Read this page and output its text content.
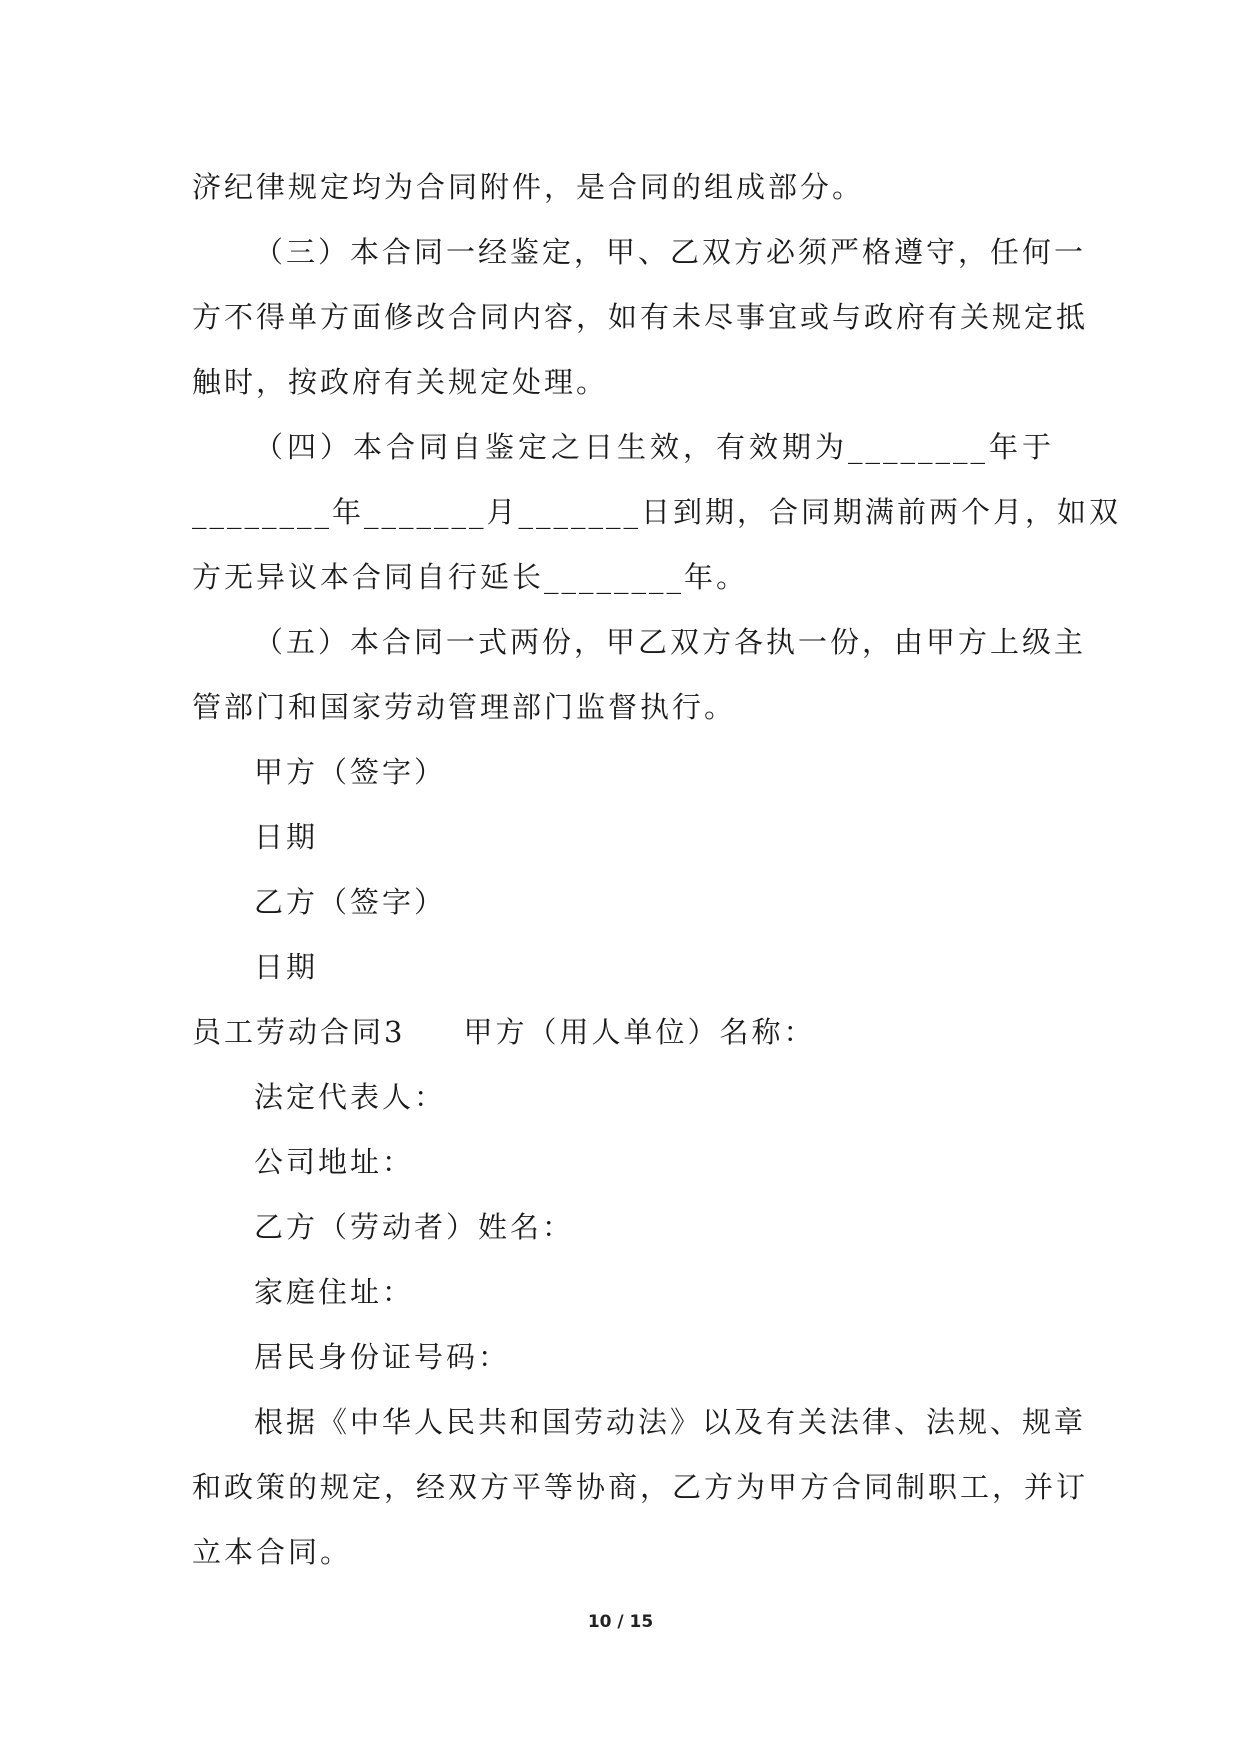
济纪律规定均为合同附件，是合同的组成部分。
（三）本合同一经鉴定，甲、乙双方必须严格遵守，任何一
方不得单方面修改合同内容，如有未尽事宜或与政府有关规定抵
触时，按政府有关规定处理。
（四）本合同自鉴定之日生效，有效期为________年于
________年_______月_______日到期，合同期满前两个月，如双
方无异议本合同自行延长________年。
（五）本合同一式两份，甲乙双方各执一份，由甲方上级主
管部门和国家劳动管理部门监督执行。
甲方（签字）
日期
乙方（签字）
日期
员工劳动合同3 甲方（用人单位）名称：
法定代表人：
公司地址：
乙方（劳动者）姓名：
家庭住址：
居民身份证号码：
根据《中华人民共和国劳动法》以及有关法律、法规、规章
和政策的规定，经双方平等协商，乙方为甲方合同制职工，并订
立本合同。
10 / 15
